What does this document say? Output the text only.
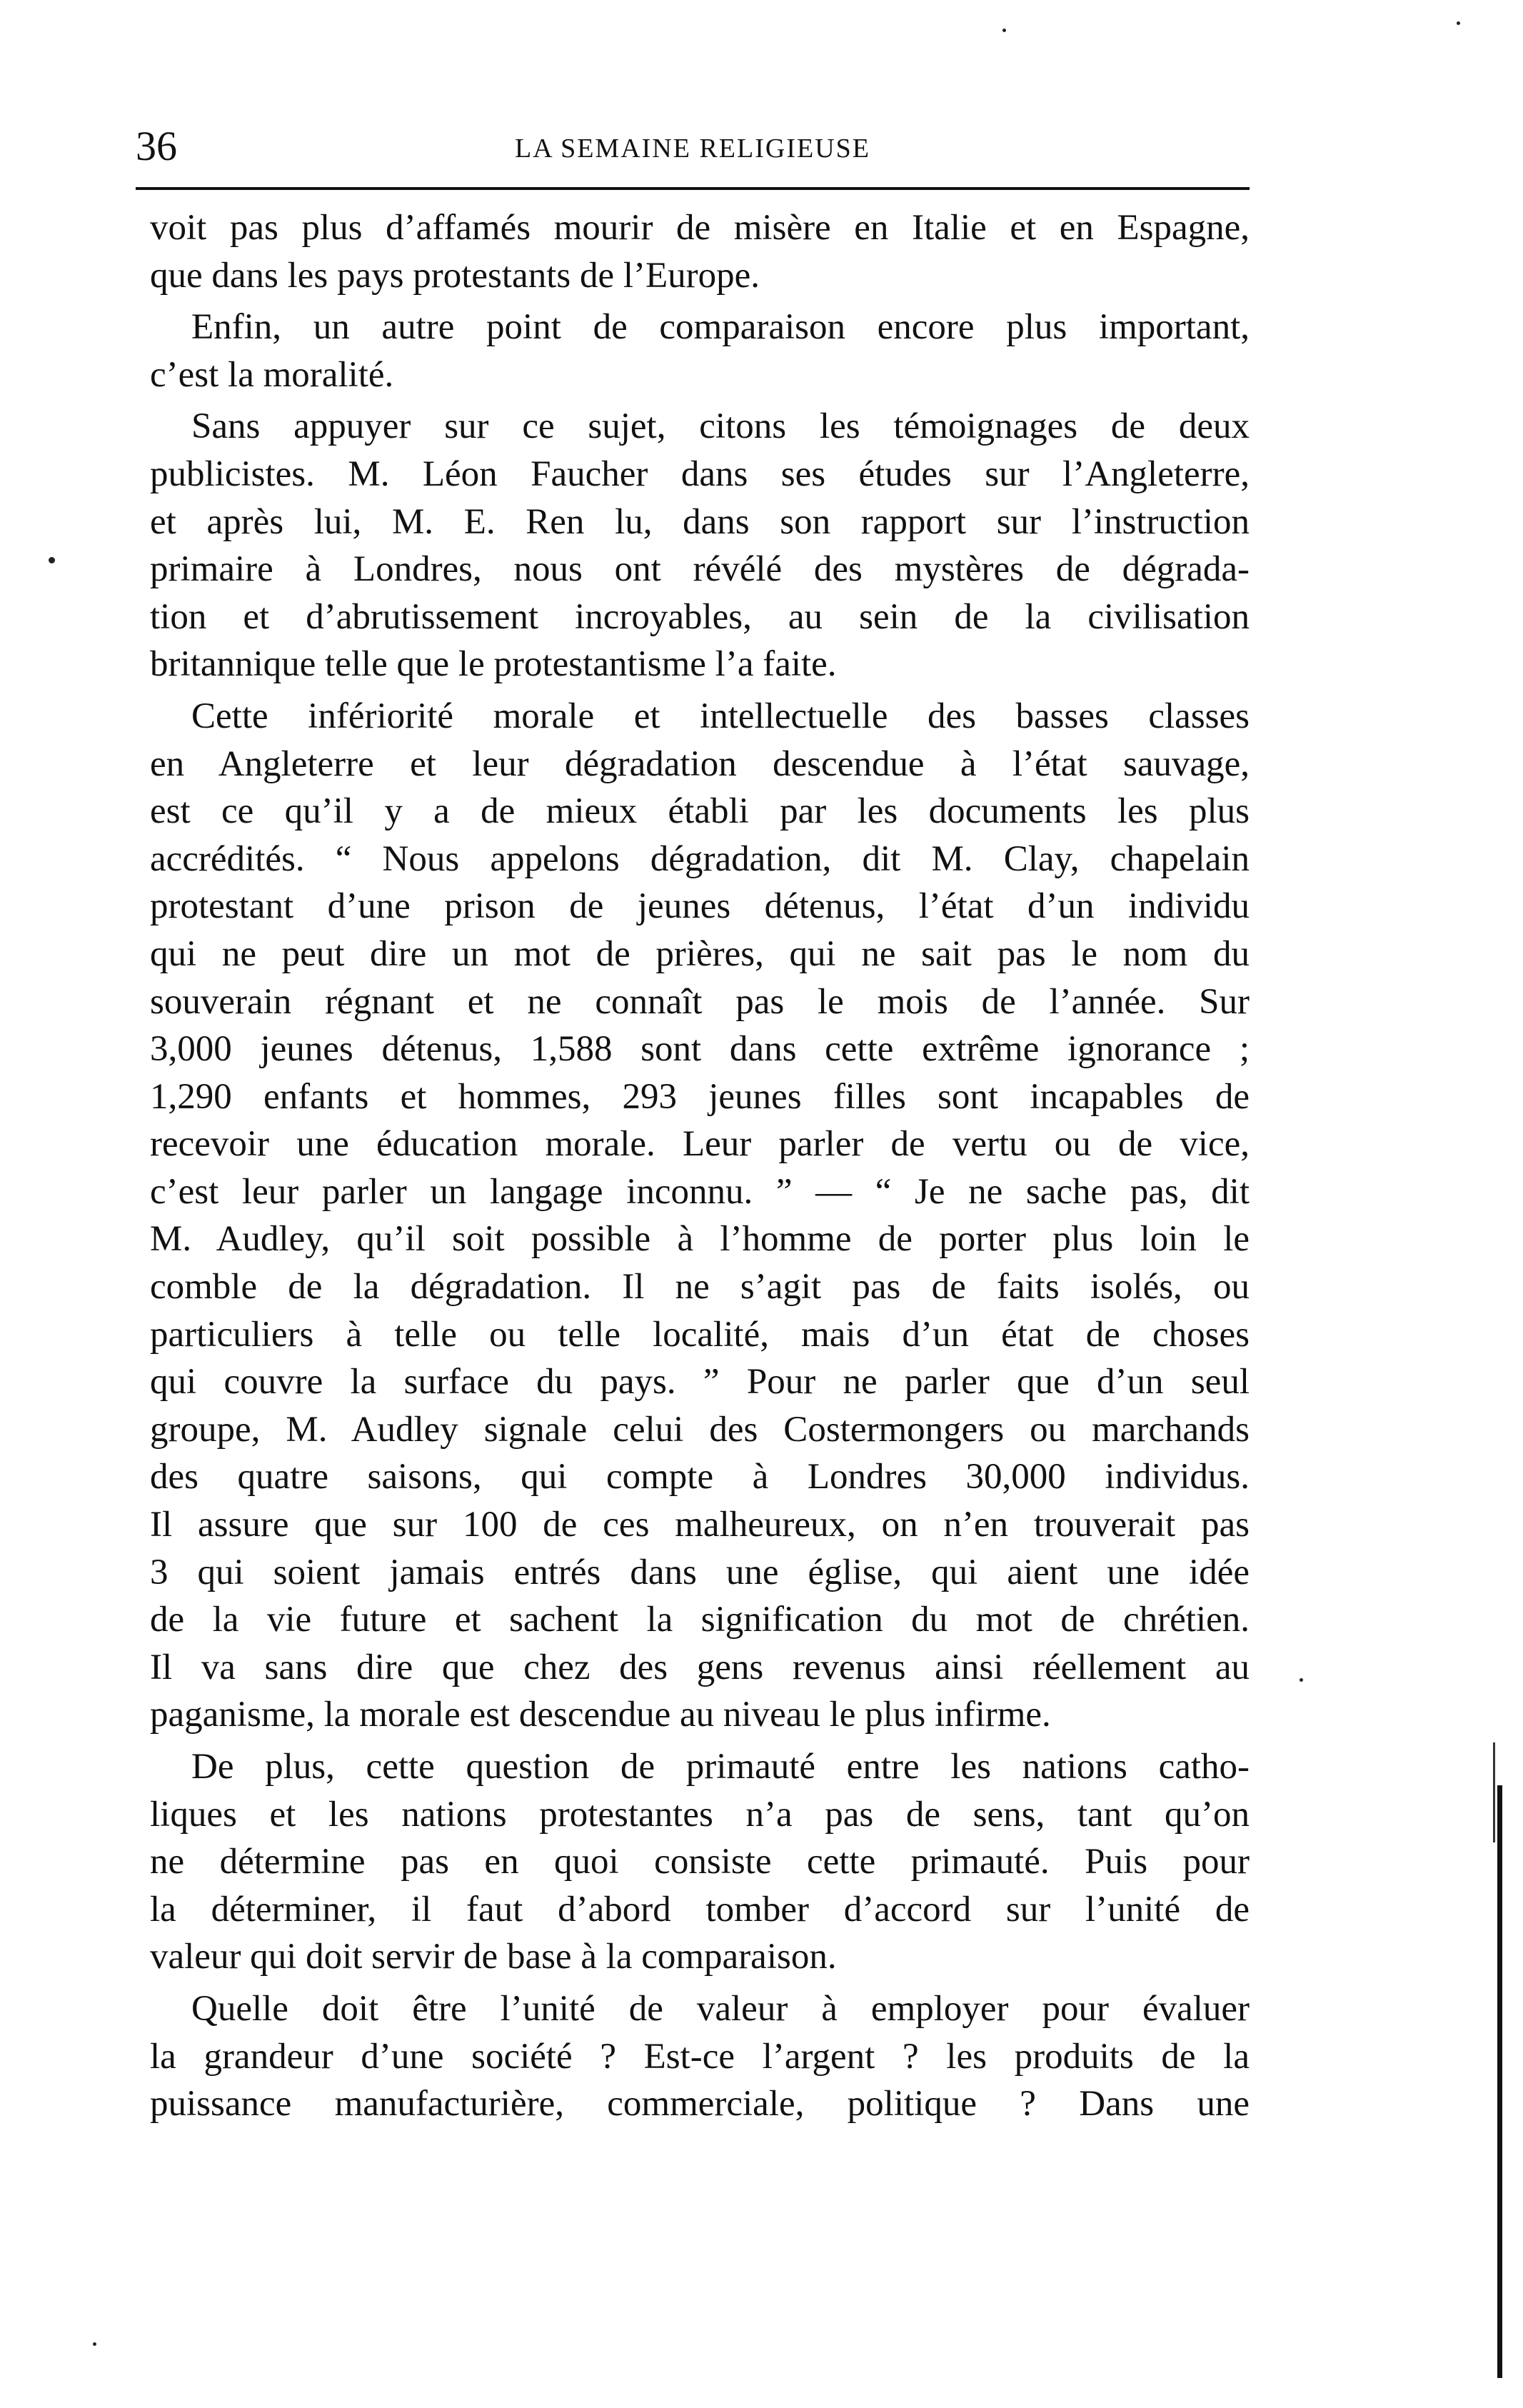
36	LA SEMAINE RELIGIEUSE

voit pas plus d’affamés mourir de misère en Italie et en Espagne,
que dans les pays protestants de l’Europe.

Enfin, un autre point de comparaison encore plus important,
c’est la moralité.

Sans appuyer sur ce sujet, citons les témoignages de deux
publicistes. M. Léon Faucher dans ses études sur l’Angleterre,
et après lui, M. E. Ren lu, dans son rapport sur l’instruction
primaire à Londres, nous ont révélé des mystères de dégrada-
tion et d’abrutissement incroyables, au sein de la civilisation
britannique telle que le protestantisme l’a faite.

Cette infériorité morale et intellectuelle des basses classes
en Angleterre et leur dégradation descendue à l’état sauvage,
est ce qu’il y a de mieux établi par les documents les plus
accrédités. “ Nous appelons dégradation, dit M. Clay, chapelain
protestant d’une prison de jeunes détenus, l’état d’un individu
qui ne peut dire un mot de prières, qui ne sait pas le nom du
souverain régnant et ne connaît pas le mois de l’année. Sur
3,000 jeunes détenus, 1,588 sont dans cette extrême ignorance ;
1,290 enfants et hommes, 293 jeunes filles sont incapables de
recevoir une éducation morale. Leur parler de vertu ou de vice,
c’est leur parler un langage inconnu. ” — “ Je ne sache pas, dit
M. Audley, qu’il soit possible à l’homme de porter plus loin le
comble de la dégradation. Il ne s’agit pas de faits isolés, ou
particuliers à telle ou telle localité, mais d’un état de choses
qui couvre la surface du pays. ” Pour ne parler que d’un seul
groupe, M. Audley signale celui des Costermongers ou marchands
des quatre saisons, qui compte à Londres 30,000 individus.
Il assure que sur 100 de ces malheureux, on n’en trouverait pas
3 qui soient jamais entrés dans une église, qui aient une idée
de la vie future et sachent la signification du mot de chrétien.
Il va sans dire que chez des gens revenus ainsi réellement au
paganisme, la morale est descendue au niveau le plus infirme.

De plus, cette question de primauté entre les nations catho-
liques et les nations protestantes n’a pas de sens, tant qu’on
ne détermine pas en quoi consiste cette primauté. Puis pour
la déterminer, il faut d’abord tomber d’accord sur l’unité de
valeur qui doit servir de base à la comparaison.

Quelle doit être l’unité de valeur à employer pour évaluer
la grandeur d’une société ? Est-ce l’argent ? les produits de la
puissance manufacturière, commerciale, politique ? Dans une
